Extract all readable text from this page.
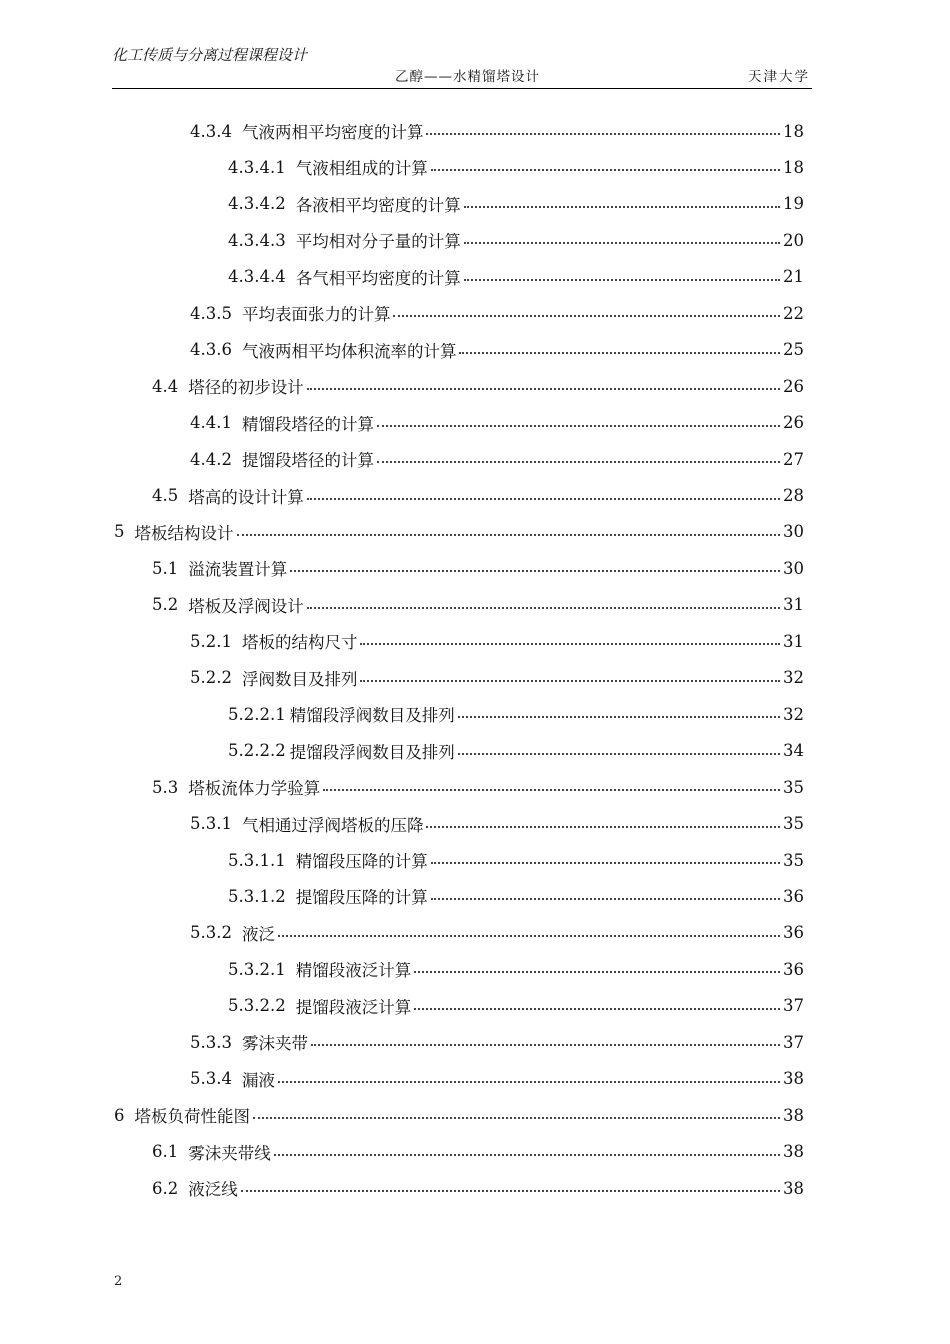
化工传质与分离过程课程设计
乙醇——水精馏塔设计	天津大学
4.3.4 气液两相平均密度的计算	18
4.3.4.1 气液相组成的计算	18
4.3.4.2 各液相平均密度的计算	19
4.3.4.3 平均相对分子量的计算	20
4.3.4.4 各气相平均密度的计算	21
4.3.5 平均表面张力的计算	22
4.3.6 气液两相平均体积流率的计算	25
4.4 塔径的初步设计	26
4.4.1 精馏段塔径的计算	26
4.4.2 提馏段塔径的计算	27
4.5 塔高的设计计算	28
5 塔板结构设计	30
5.1 溢流装置计算	30
5.2 塔板及浮阀设计	31
5.2.1 塔板的结构尺寸	31
5.2.2 浮阀数目及排列	32
5.2.2.1 精馏段浮阀数目及排列	32
5.2.2.2 提馏段浮阀数目及排列	34
5.3 塔板流体力学验算	35
5.3.1 气相通过浮阀塔板的压降	35
5.3.1.1 精馏段压降的计算	35
5.3.1.2 提馏段压降的计算	36
5.3.2 液泛	36
5.3.2.1 精馏段液泛计算	36
5.3.2.2 提馏段液泛计算	37
5.3.3 雾沫夹带	37
5.3.4 漏液	38
6 塔板负荷性能图	38
6.1 雾沫夹带线	38
6.2 液泛线	38
2
